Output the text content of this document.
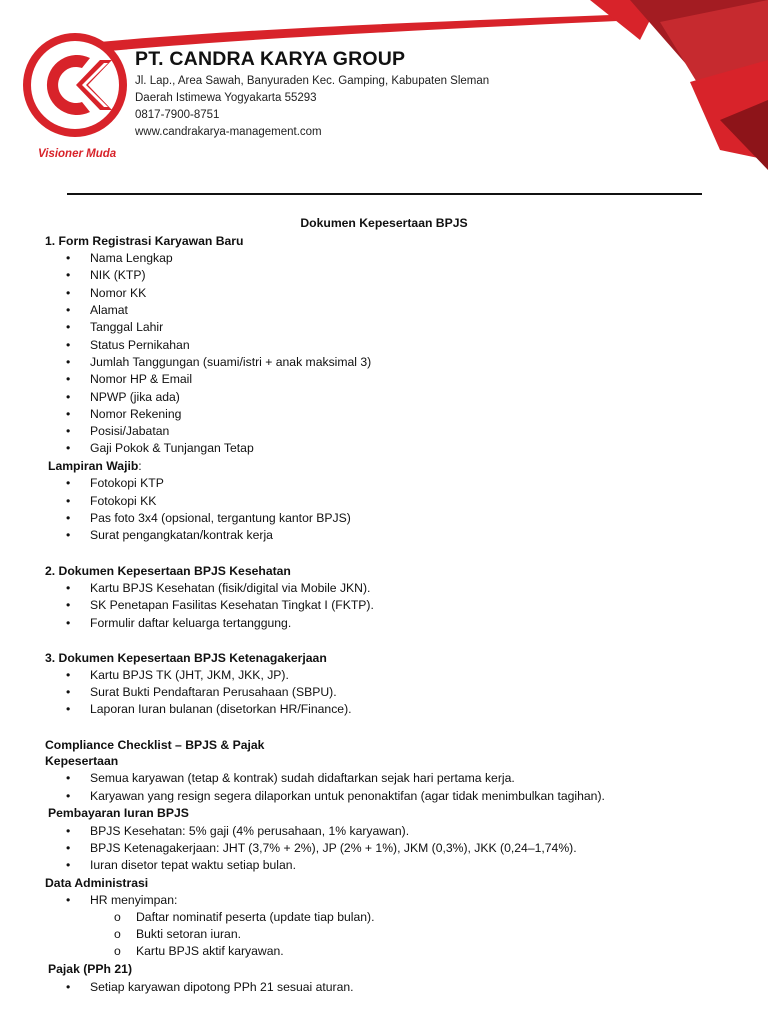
Visioner Muda
PT. CANDRA KARYA GROUP
Jl. Lap., Area Sawah, Banyuraden Kec. Gamping, Kabupaten Sleman
Daerah Istimewa Yogyakarta 55293
0817-7900-8751
www.candrakarya-management.com
Dokumen Kepesertaan BPJS
1. Form Registrasi Karyawan Baru
• Nama Lengkap
• NIK (KTP)
• Nomor KK
• Alamat
• Tanggal Lahir
• Status Pernikahan
• Jumlah Tanggungan (suami/istri + anak maksimal 3)
• Nomor HP & Email
• NPWP (jika ada)
• Nomor Rekening
• Posisi/Jabatan
• Gaji Pokok & Tunjangan Tetap
Lampiran Wajib:
• Fotokopi KTP
• Fotokopi KK
• Pas foto 3x4 (opsional, tergantung kantor BPJS)
• Surat pengangkatan/kontrak kerja
2. Dokumen Kepesertaan BPJS Kesehatan
• Kartu BPJS Kesehatan (fisik/digital via Mobile JKN).
• SK Penetapan Fasilitas Kesehatan Tingkat I (FKTP).
• Formulir daftar keluarga tertanggung.
3. Dokumen Kepesertaan BPJS Ketenagakerjaan
• Kartu BPJS TK (JHT, JKM, JKK, JP).
• Surat Bukti Pendaftaran Perusahaan (SBPU).
• Laporan Iuran bulanan (disetorkan HR/Finance).
Compliance Checklist – BPJS & Pajak
Kepesertaan
• Semua karyawan (tetap & kontrak) sudah didaftarkan sejak hari pertama kerja.
• Karyawan yang resign segera dilaporkan untuk penonaktifan (agar tidak menimbulkan tagihan).
Pembayaran Iuran BPJS
• BPJS Kesehatan: 5% gaji (4% perusahaan, 1% karyawan).
• BPJS Ketenagakerjaan: JHT (3,7% + 2%), JP (2% + 1%), JKM (0,3%), JKK (0,24–1,74%).
• Iuran disetor tepat waktu setiap bulan.
Data Administrasi
• HR menyimpan:
o Daftar nominatif peserta (update tiap bulan).
o Bukti setoran iuran.
o Kartu BPJS aktif karyawan.
Pajak (PPh 21)
• Setiap karyawan dipotong PPh 21 sesuai aturan.
